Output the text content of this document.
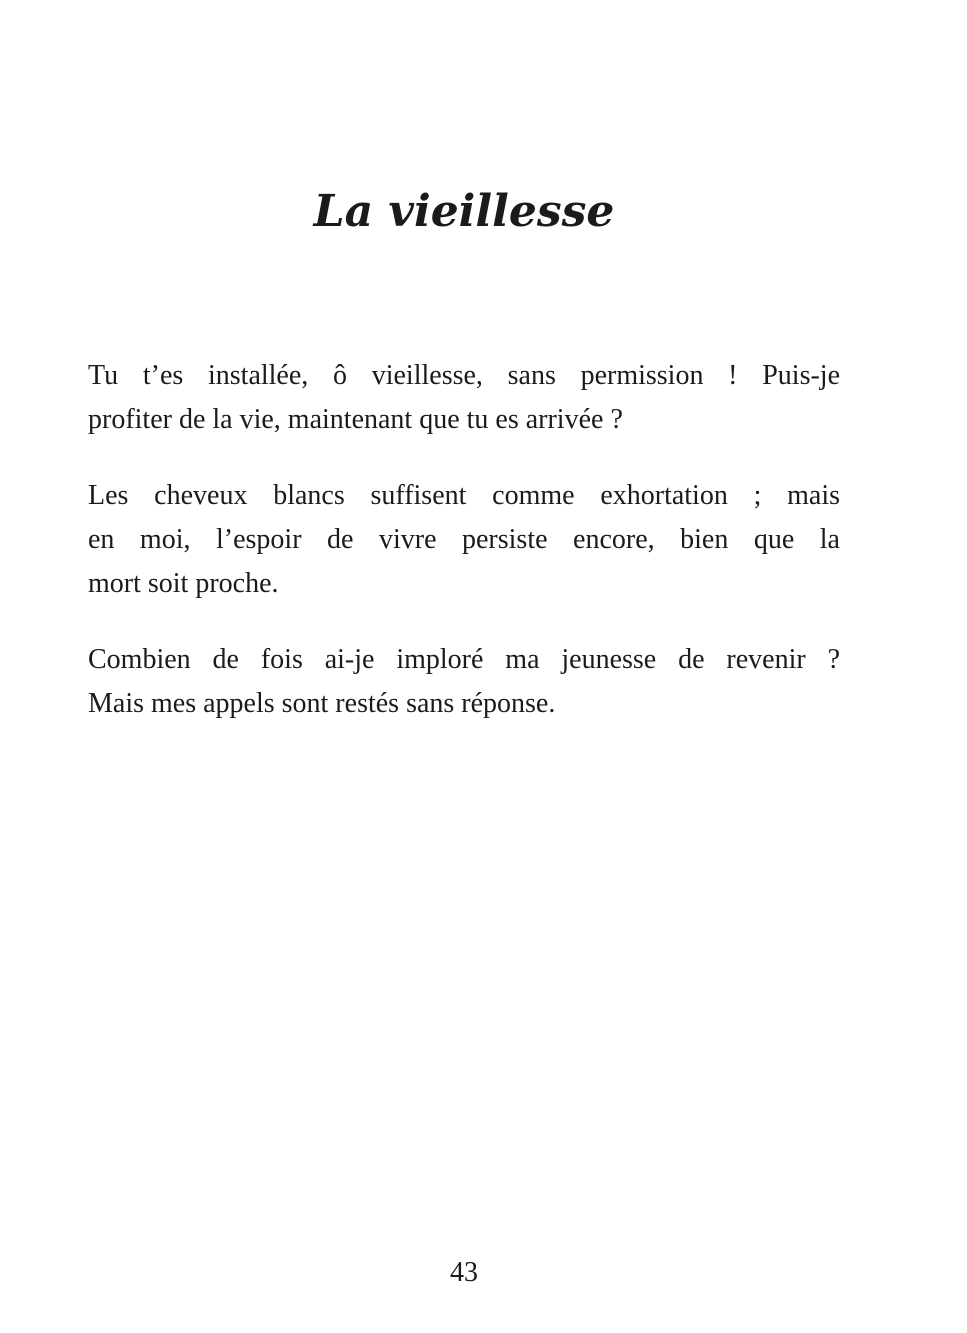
La vieillesse
Tu t’es installée, ô vieillesse, sans permission ! Puis-je
profiter de la vie, maintenant que tu es arrivée ?
Les cheveux blancs suffisent comme exhortation ; mais
en moi, l’espoir de vivre persiste encore, bien que la
mort soit proche.
Combien de fois ai-je imploré ma jeunesse de revenir ?
Mais mes appels sont restés sans réponse.
43
